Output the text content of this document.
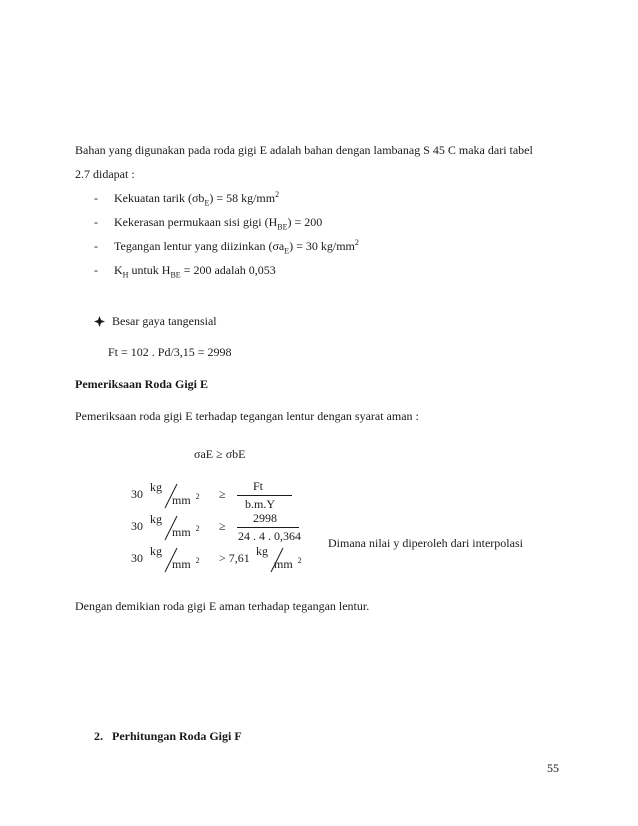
Bahan yang digunakan pada roda gigi E adalah bahan dengan lambanag S 45 C maka dari tabel
2.7 didapat :
- Kekuatan tarik $(\sigma b_E) = 58$ $kg/mm^2$
- Kekerasan permukaan sisi gigi $(H_{BE}) = 200$
- Tegangan lentur yang diizinkan $(\sigma a_E) = 30$ $kg/mm^2$
- $K_H$ untuk $H_{BE} = 200$ adalah 0,053
Besar gaya tangensial
Ft = 102 . Pd/3,15 = 2998
Pemeriksaan Roda Gigi E
Pemeriksaan roda gigi E terhadap tegangan lentur dengan syarat aman :
σaE ≥ σbE
30 kg
mm $^2$ ≥
Ft
b.m.Y
30 kg
mm $^2$ ≥
2998
24 . 4 . 0,364
30 kg
mm $^2$ > 7,61 kg
mm $^2$
Dimana nilai y diperoleh dari interpolasi
Dengan demikian roda gigi E aman terhadap tegangan lentur.
2. Perhitungan Roda Gigi F
55
